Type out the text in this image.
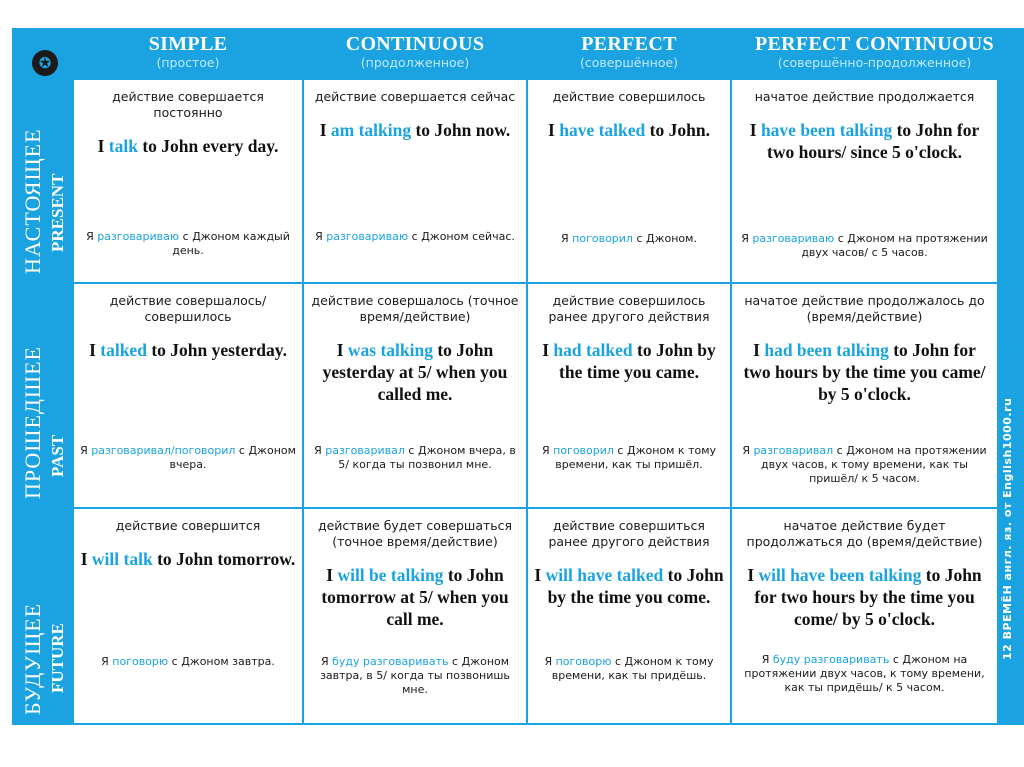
✪
SIMPLE
(простое)
CONTINUOUS
(продолженное)
PERFECT
(совершённое)
PERFECT CONTINUOUS
(совершённо-продолженное)
действие совершается постоянно
I talk to John every day.
Я разговариваю с Джоном каждый день.
действие совершается сейчас
I am talking to John now.
Я разговариваю с Джоном сейчас.
действие совершилось
I have talked to John.
Я поговорил с Джоном.
начатое действие продолжается
I have been talking to John for two hours/ since 5 o'clock.
Я разговариваю с Джоном на протяжении двух часов/ с 5 часов.
действие совершалось/совершилось
I talked to John yesterday.
Я разговаривал/поговорил с Джоном вчера.
действие совершалось (точное время/действие)
I was talking to John yesterday at 5/ when you called me.
Я разговаривал с Джоном вчера, в 5/ когда ты позвонил мне.
действие совершилось ранее другого действия
I had talked to John by the time you came.
Я поговорил с Джоном к тому времени, как ты пришёл.
начатое действие продолжалось до (время/действие)
I had been talking to John for two hours by the time you came/ by 5 o'clock.
Я разговаривал с Джоном на протяжении двух часов, к тому времени, как ты пришёл/ к 5 часом.
действие совершится
I will talk to John tomorrow.
Я поговорю с Джоном завтра.
действие будет совершаться (точное время/действие)
I will be talking to John tomorrow at 5/ when you call me.
Я буду разговаривать с Джоном завтра, в 5/ когда ты позвонишь мне.
действие совершиться ранее другого действия
I will have talked to John by the time you come.
Я поговорю с Джоном к тому времени, как ты придёшь.
начатое действие будет продолжаться до (время/действие)
I will have been talking to John for two hours by the time you come/ by 5 o'clock.
Я буду разговаривать с Джоном на протяжении двух часов, к тому времени, как ты придёшь/ к 5 часом.
12 ВРЕМЁН англ. яз. от English1000.ru
НАСТОЯЩЕЕ PRESENT
ПРОШЕДШЕЕ PAST
БУДУЩЕЕ FUTURE
